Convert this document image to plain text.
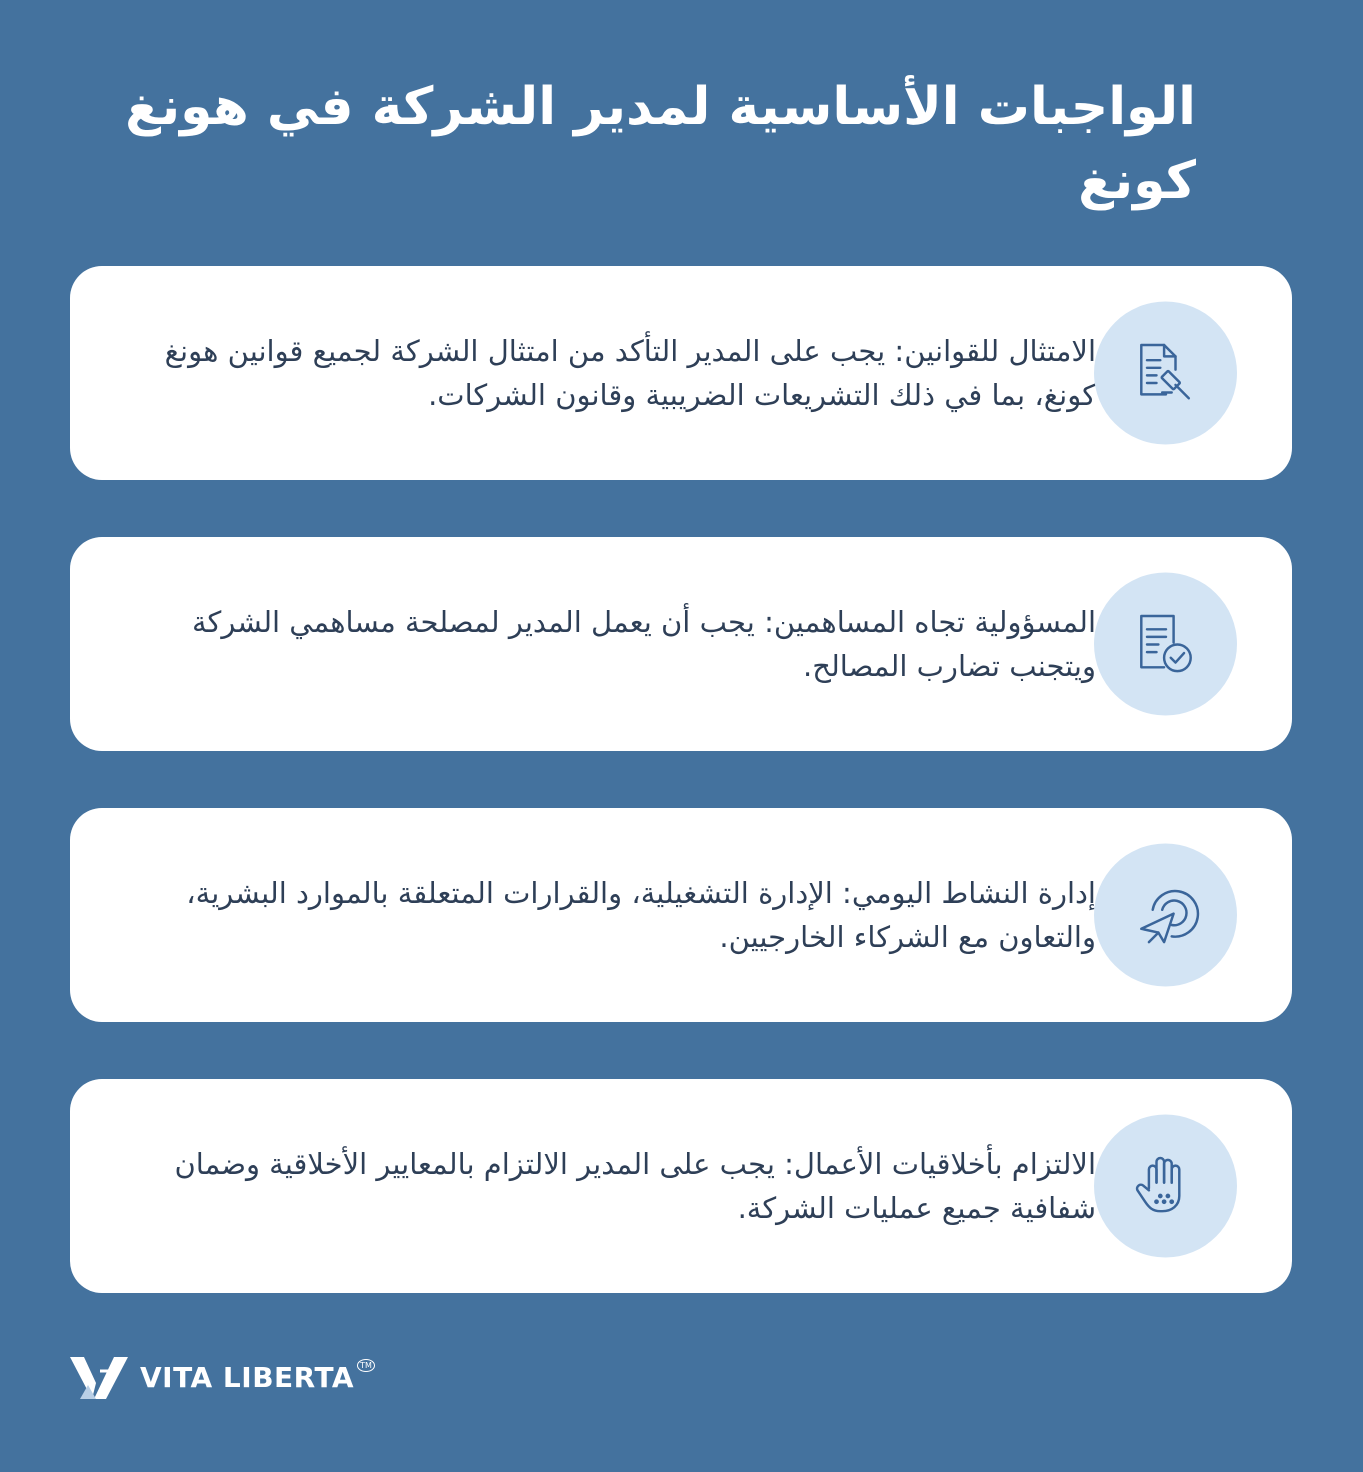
الواجبات الأساسية لمدير الشركة في هونغ كونغ

الامتثال للقوانين: يجب على المدير التأكد من امتثال الشركة لجميع قوانين هونغ كونغ، بما في ذلك التشريعات الضريبية وقانون الشركات.

المسؤولية تجاه المساهمين: يجب أن يعمل المدير لمصلحة مساهمي الشركة ويتجنب تضارب المصالح.

إدارة النشاط اليومي: الإدارة التشغيلية، والقرارات المتعلقة بالموارد البشرية، والتعاون مع الشركاء الخارجيين.

الالتزام بأخلاقيات الأعمال: يجب على المدير الالتزام بالمعايير الأخلاقية وضمان شفافية جميع عمليات الشركة.

VITA LIBERTA TM
